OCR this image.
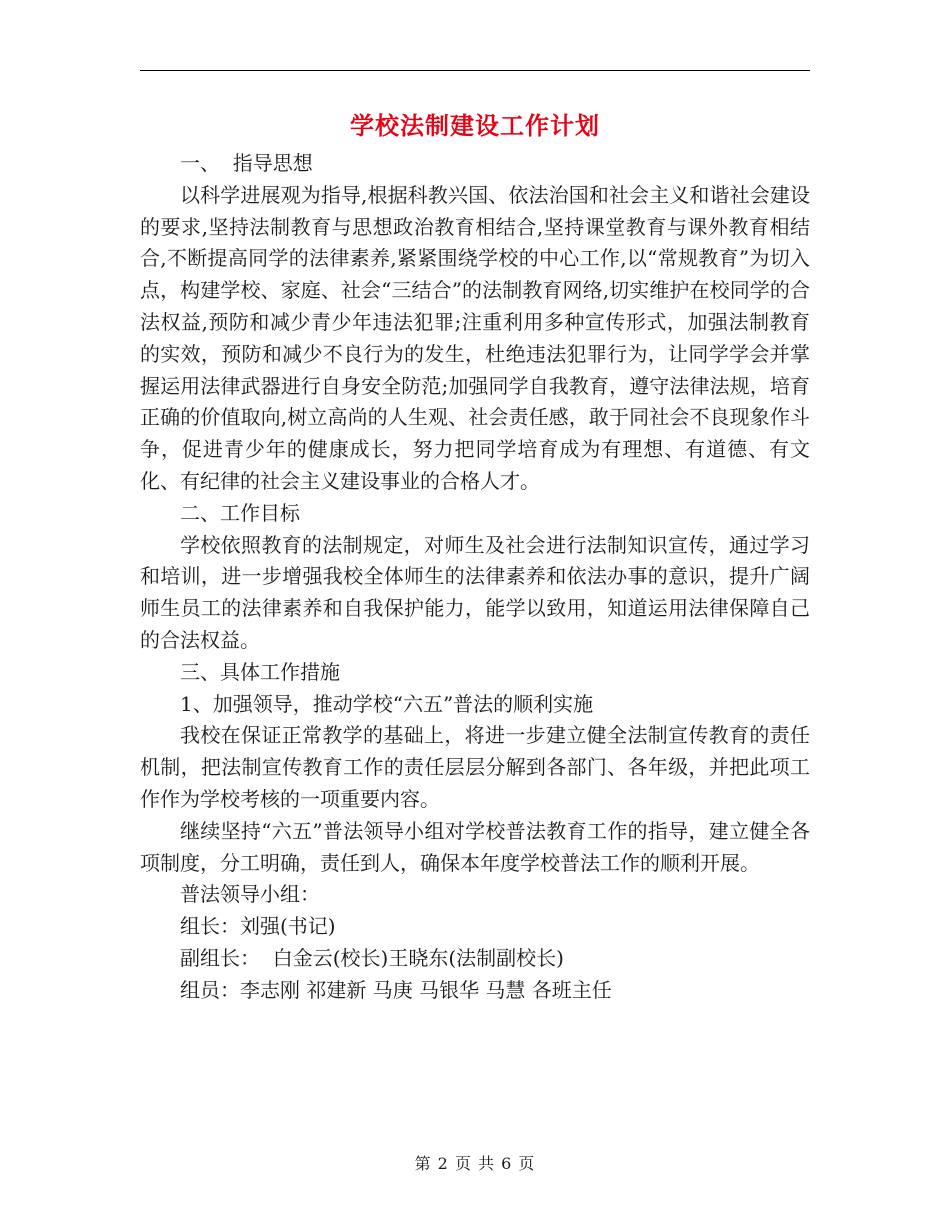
学校法制建设工作计划

一、  指导思想

以科学进展观为指导,根据科教兴国、依法治国和社会主义和谐社会建设的要求,坚持法制教育与思想政治教育相结合,坚持课堂教育与课外教育相结合,不断提高同学的法律素养,紧紧围绕学校的中心工作,以“常规教育”为切入点，构建学校、家庭、社会“三结合”的法制教育网络,切实维护在校同学的合法权益,预防和减少青少年违法犯罪;注重利用多种宣传形式，加强法制教育的实效，预防和减少不良行为的发生，杜绝违法犯罪行为，让同学学会并掌握运用法律武器进行自身安全防范;加强同学自我教育，遵守法律法规，培育正确的价值取向,树立高尚的人生观、社会责任感，敢于同社会不良现象作斗争，促进青少年的健康成长，努力把同学培育成为有理想、有道德、有文化、有纪律的社会主义建设事业的合格人才。

二、工作目标

学校依照教育的法制规定，对师生及社会进行法制知识宣传，通过学习和培训，进一步增强我校全体师生的法律素养和依法办事的意识，提升广阔师生员工的法律素养和自我保护能力，能学以致用，知道运用法律保障自己的合法权益。

三、具体工作措施

1、加强领导，推动学校“六五”普法的顺利实施

我校在保证正常教学的基础上，将进一步建立健全法制宣传教育的责任机制，把法制宣传教育工作的责任层层分解到各部门、各年级，并把此项工作作为学校考核的一项重要内容。

继续坚持“六五”普法领导小组对学校普法教育工作的指导，建立健全各项制度，分工明确，责任到人，确保本年度学校普法工作的顺利开展。

普法领导小组：

组长：刘强(书记)

副组长：  白金云(校长)王晓东(法制副校长)

组员：李志刚 祁建新 马庚 马银华 马慧 各班主任

第 2 页 共 6 页
